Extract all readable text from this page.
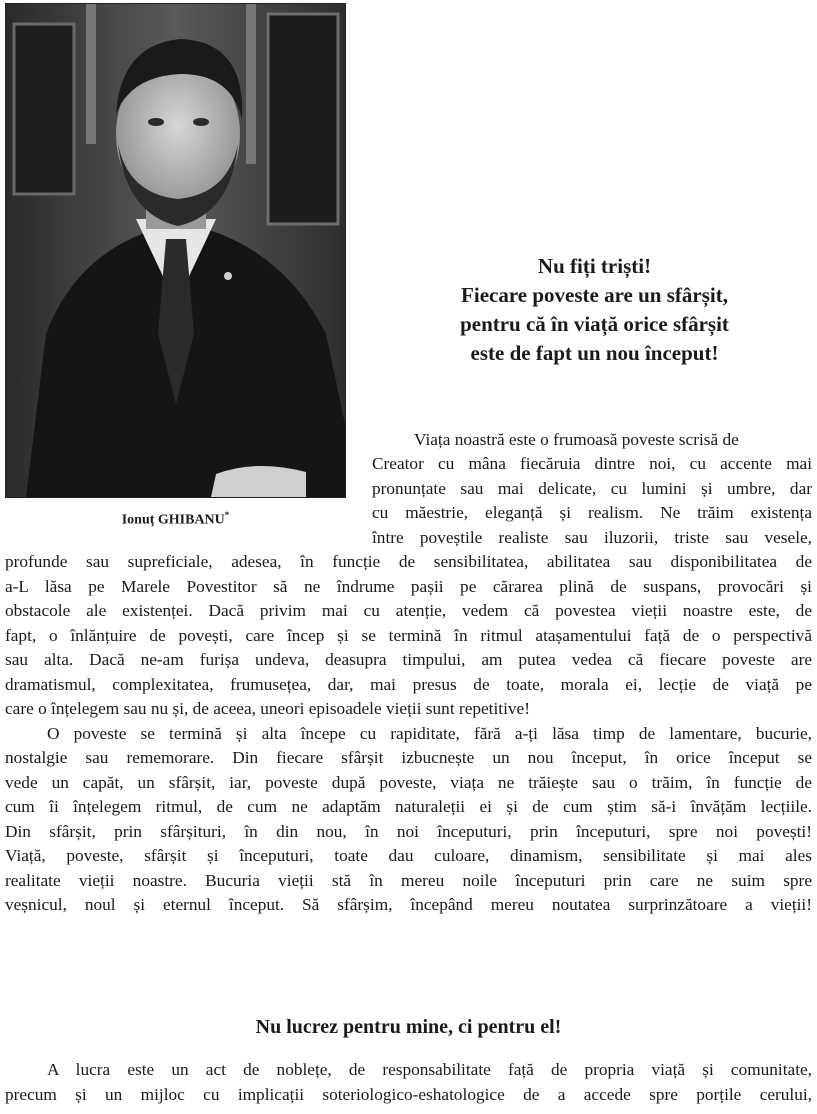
Ionuț GHIBANU*
Nu fiți triști!
Fiecare poveste are un sfârșit,
pentru că în viață orice sfârșit
este de fapt un nou început!
Viața noastră este o frumoasă poveste scrisă de
Creator cu mâna fiecăruia dintre noi, cu accente mai
pronunțate sau mai delicate, cu lumini și umbre, dar
cu măestrie, eleganță și realism. Ne trăim existența
între poveștile realiste sau iluzorii, triste sau vesele,
profunde sau supreficiale, adesea, în funcție de sensibilitatea, abilitatea sau disponibilitatea de
a-L lăsa pe Marele Povestitor să ne îndrume pașii pe cărarea plină de suspans, provocări și
obstacole ale existenței. Dacă privim mai cu atenție, vedem că povestea vieții noastre este, de
fapt, o înlănțuire de povești, care încep și se termină în ritmul atașamentului față de o perspectivă
sau alta. Dacă ne-am furișa undeva, deasupra timpului, am putea vedea că fiecare poveste are
dramatismul, complexitatea, frumusețea, dar, mai presus de toate, morala ei, lecție de viață pe
care o înțelegem sau nu și, de aceea, uneori episoadele vieții sunt repetitive!
O poveste se termină și alta începe cu rapiditate, fără a-ți lăsa timp de lamentare, bucurie,
nostalgie sau rememorare. Din fiecare sfârșit izbucnește un nou început, în orice început se
vede un capăt, un sfârșit, iar, poveste după poveste, viața ne trăiește sau o trăim, în funcție de
cum îi înțelegem ritmul, de cum ne adaptăm naturaleții ei și de cum știm să-i învățăm lecțiile.
Din sfârșit, prin sfârșituri, în din nou, în noi începuturi, prin începuturi, spre noi povești!
Viață, poveste, sfârșit și începuturi, toate dau culoare, dinamism, sensibilitate și mai ales
realitate vieții noastre. Bucuria vieții stă în mereu noile începuturi prin care ne suim spre
veșnicul, noul și eternul început. Să sfârșim, începând mereu noutatea surprinzătoare a vieții!
A lucra este un act de noblețe, de responsabilitate față de propria viață și comunitate,
precum și un mijloc cu implicații soteriologico-eshatologice de a accede spre porțile cerului,
Nu lucrez pentru mine, ci pentru el!
